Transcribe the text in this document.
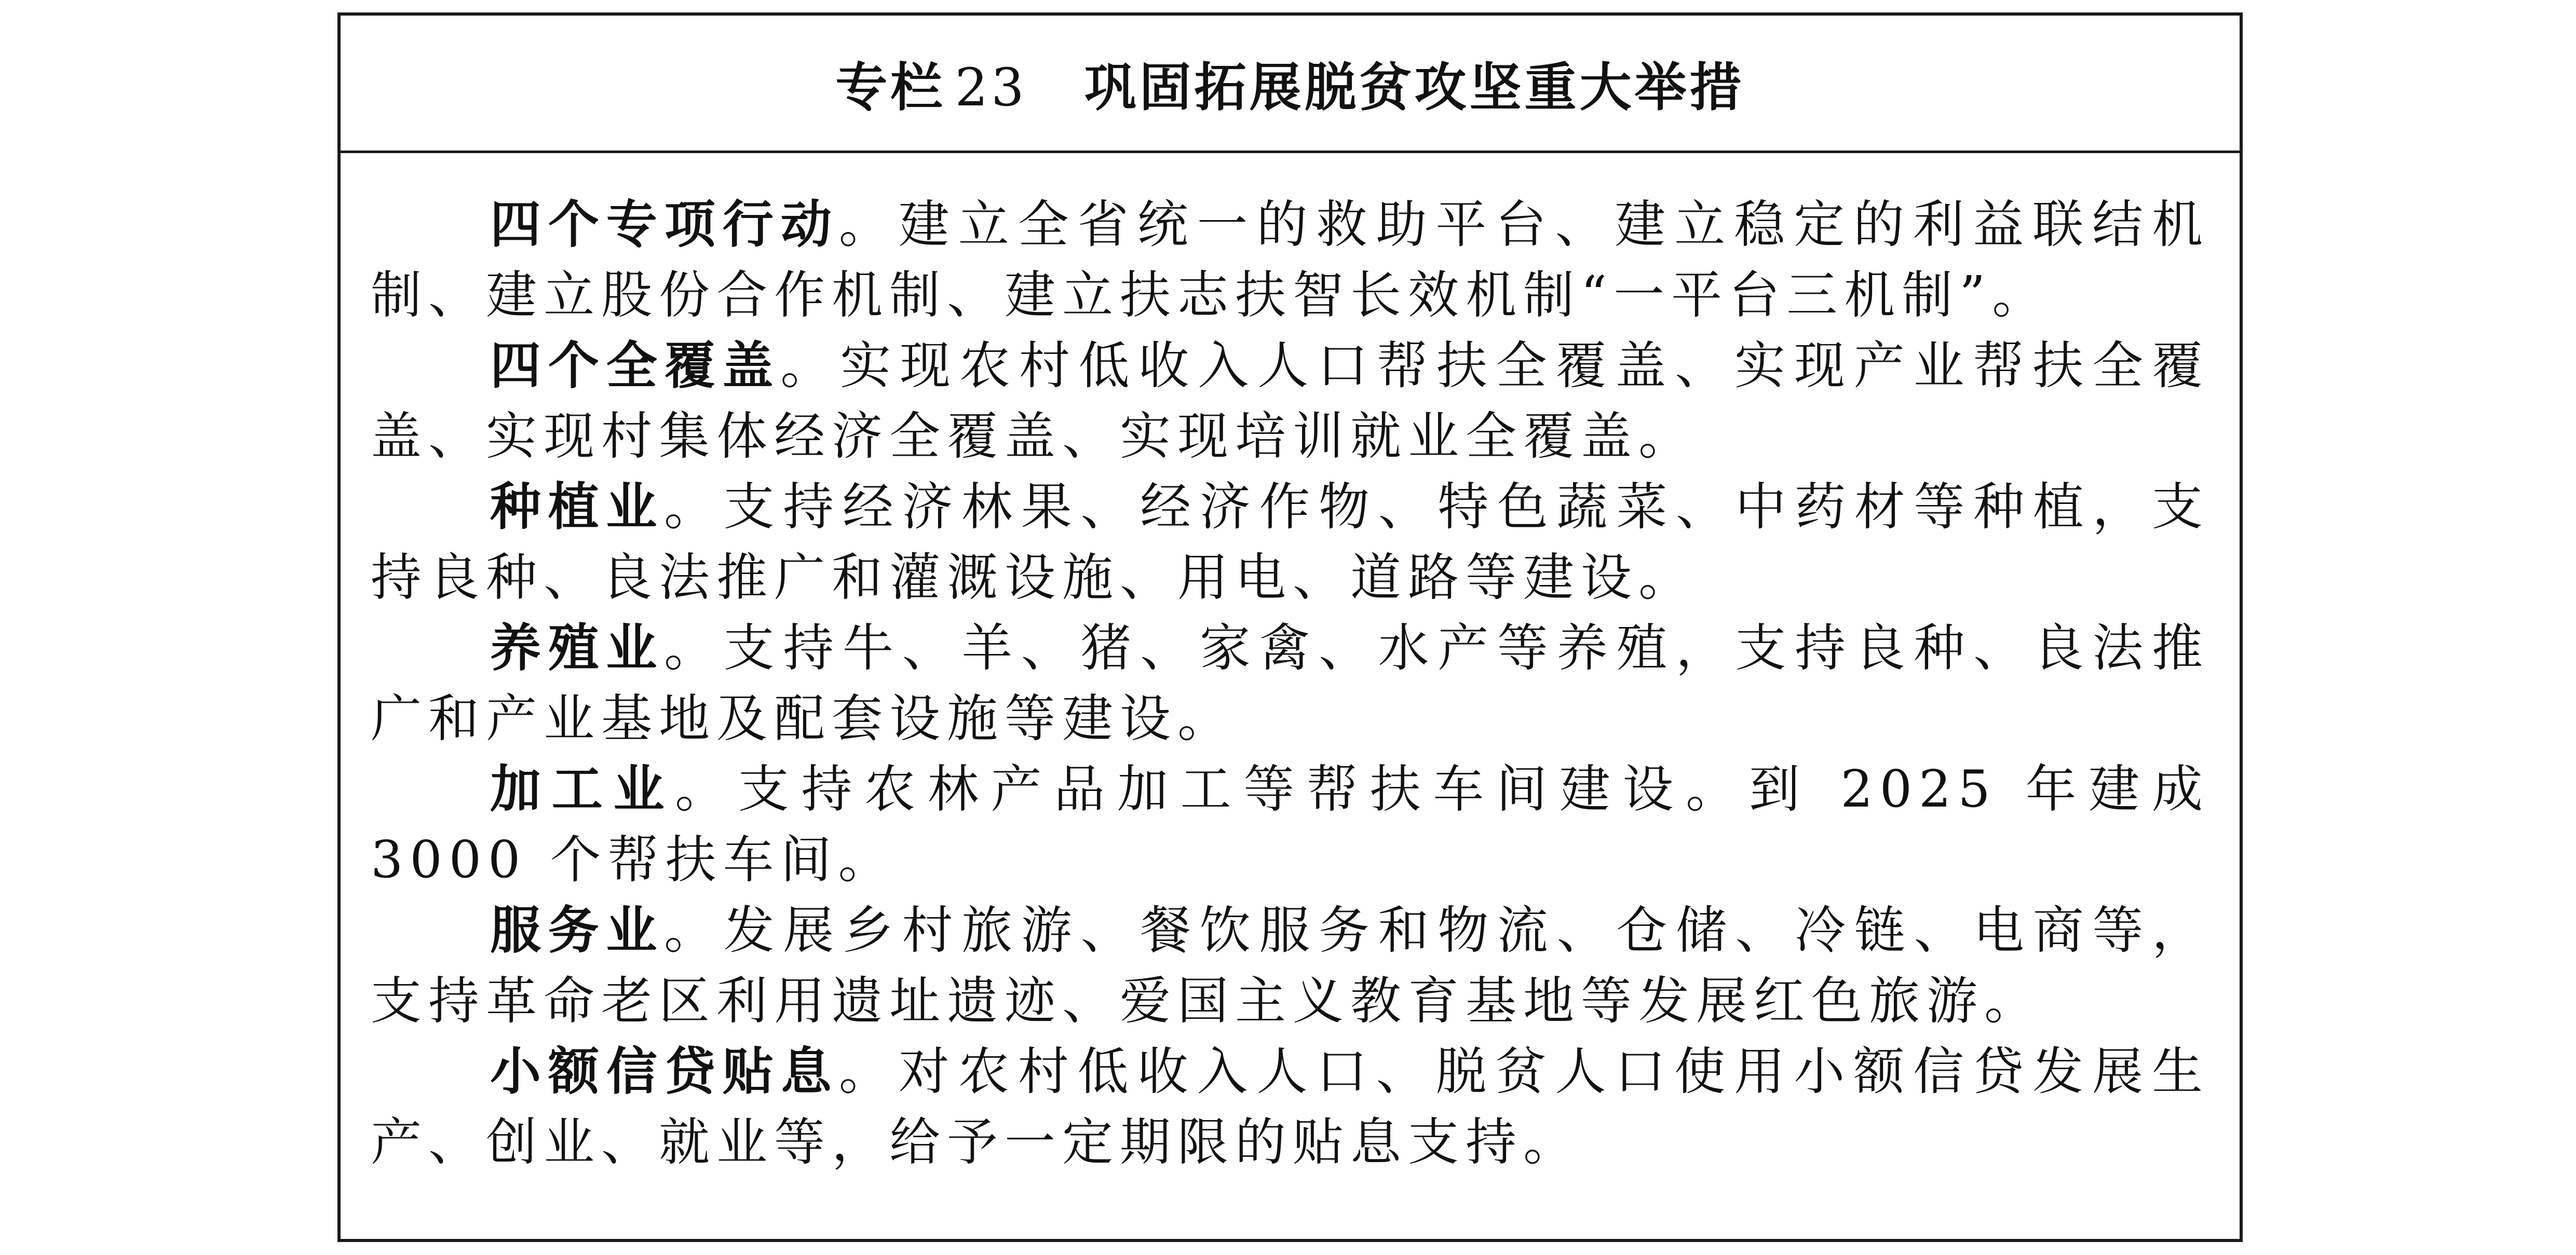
专栏 23 巩固拓展脱贫攻坚重大举措

四个专项行动。建立全省统一的救助平台、建立稳定的利益联结机制、建立股份合作机制、建立扶志扶智长效机制“一平台三机制”。

四个全覆盖。实现农村低收入人口帮扶全覆盖、实现产业帮扶全覆盖、实现村集体经济全覆盖、实现培训就业全覆盖。

种植业。支持经济林果、经济作物、特色蔬菜、中药材等种植，支持良种、良法推广和灌溉设施、用电、道路等建设。

养殖业。支持牛、羊、猪、家禽、水产等养殖，支持良种、良法推广和产业基地及配套设施等建设。

加工业。支持农林产品加工等帮扶车间建设。到 2025 年建成 3000 个帮扶车间。

服务业。发展乡村旅游、餐饮服务和物流、仓储、冷链、电商等，支持革命老区利用遗址遗迹、爱国主义教育基地等发展红色旅游。

小额信贷贴息。对农村低收入人口、脱贫人口使用小额信贷发展生产、创业、就业等，给予一定期限的贴息支持。
